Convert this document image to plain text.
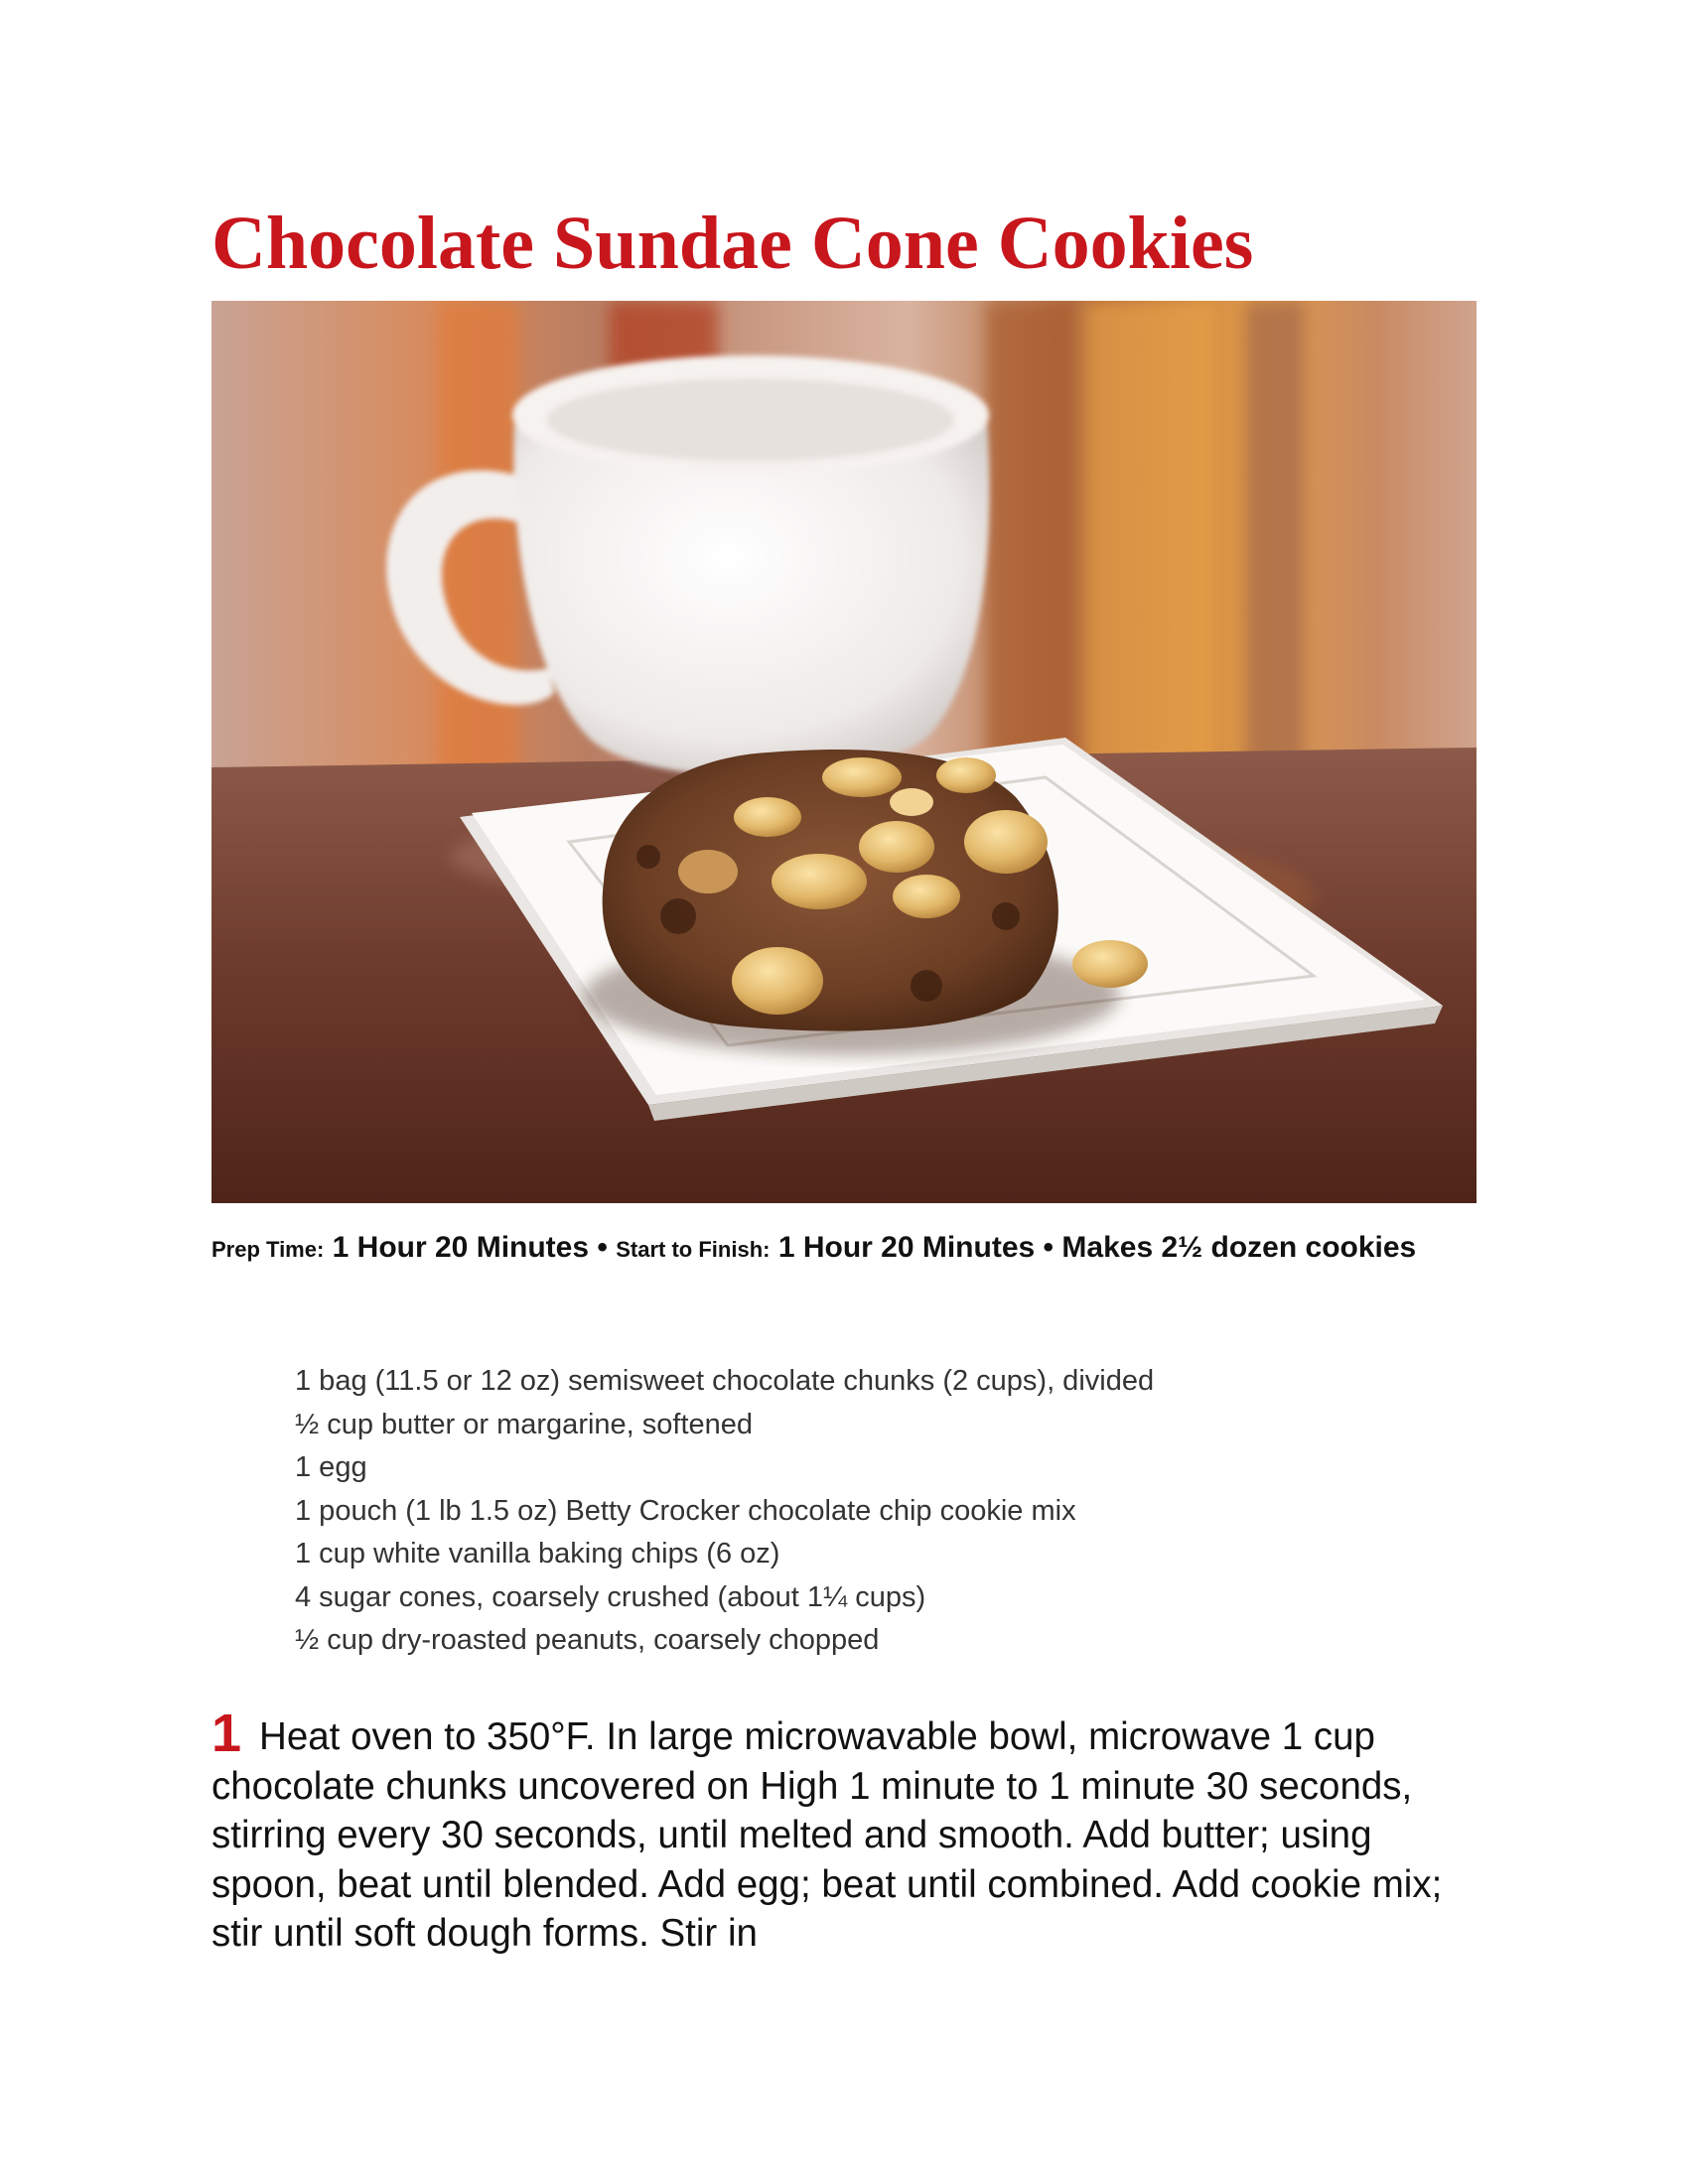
Chocolate Sundae Cone Cookies
Prep Time: 1 Hour 20 Minutes • Start to Finish: 1 Hour 20 Minutes • Makes 2½ dozen cookies
1 bag (11.5 or 12 oz) semisweet chocolate chunks (2 cups), divided
½ cup butter or margarine, softened
1 egg
1 pouch (1 lb 1.5 oz) Betty Crocker chocolate chip cookie mix
1 cup white vanilla baking chips (6 oz)
4 sugar cones, coarsely crushed (about 1¼ cups)
½ cup dry-roasted peanuts, coarsely chopped
1 Heat oven to 350°F. In large microwavable bowl, microwave 1 cup chocolate chunks uncovered on High 1 minute to 1 minute 30 seconds, stirring every 30 seconds, until melted and smooth. Add butter; using spoon, beat until blended. Add egg; beat until combined. Add cookie mix; stir until soft dough forms. Stir in
